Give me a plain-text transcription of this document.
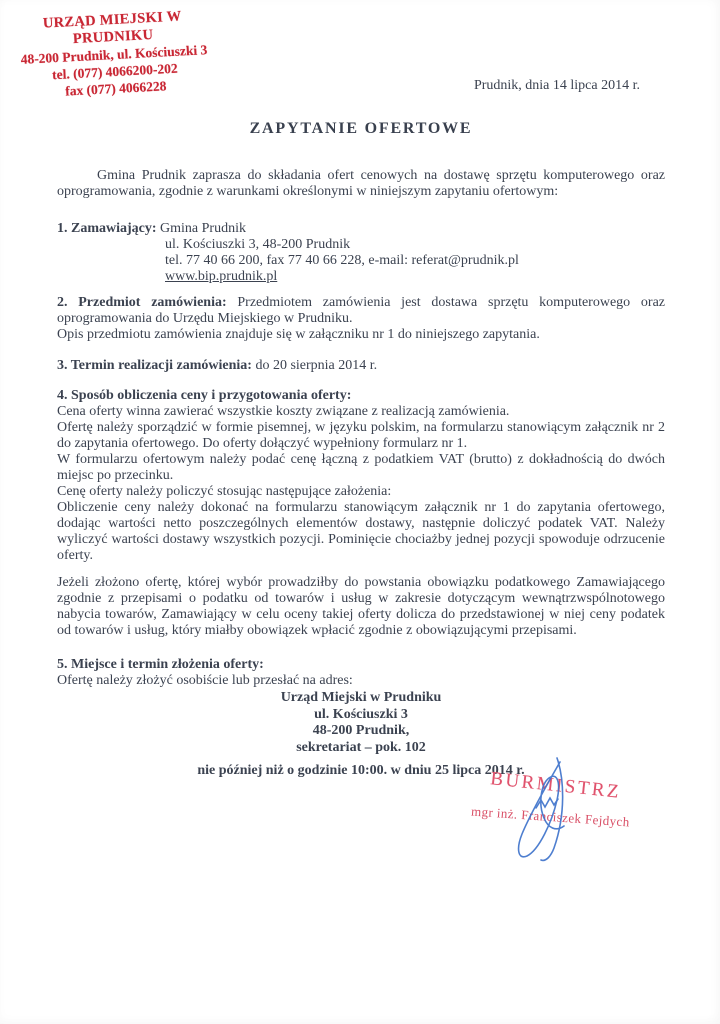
URZĄD MIEJSKI W PRUDNIKU
48-200 Prudnik, ul. Kościuszki 3
tel. (077) 4066200-202
fax (077) 4066228	Prudnik, dnia 14 lipca 2014 r.

ZAPYTANIE OFERTOWE

Gmina Prudnik zaprasza do składania ofert cenowych na dostawę sprzętu komputerowego oraz oprogramowania, zgodnie z warunkami określonymi w niniejszym zapytaniu ofertowym:

1. Zamawiający: Gmina Prudnik

ul. Kościuszki 3, 48-200 Prudnik

tel. 77 40 66 200, fax 77 40 66 228, e-mail: referat@prudnik.pl

www.bip.prudnik.pl

2. Przedmiot zamówienia: Przedmiotem zamówienia jest dostawa sprzętu komputerowego oraz oprogramowania do Urzędu Miejskiego w Prudniku.

Opis przedmiotu zamówienia znajduje się w załączniku nr 1 do niniejszego zapytania.

3. Termin realizacji zamówienia: do 20 sierpnia 2014 r.

4. Sposób obliczenia ceny i przygotowania oferty:

Cena oferty winna zawierać wszystkie koszty związane z realizacją zamówienia.

Ofertę należy sporządzić w formie pisemnej, w języku polskim, na formularzu stanowiącym załącznik nr 2 do zapytania ofertowego. Do oferty dołączyć wypełniony formularz nr 1.

W formularzu ofertowym należy podać cenę łączną z podatkiem VAT (brutto) z dokładnością do dwóch miejsc po przecinku.

Cenę oferty należy policzyć stosując następujące założenia:

Obliczenie ceny należy dokonać na formularzu stanowiącym załącznik nr 1 do zapytania ofertowego, dodając wartości netto poszczególnych elementów dostawy, następnie doliczyć podatek VAT. Należy wyliczyć wartości dostawy wszystkich pozycji. Pominięcie chociażby jednej pozycji spowoduje odrzucenie oferty.

Jeżeli złożono ofertę, której wybór prowadziłby do powstania obowiązku podatkowego Zamawiającego zgodnie z przepisami o podatku od towarów i usług w zakresie dotyczącym wewnątrzwspólnotowego nabycia towarów, Zamawiający w celu oceny takiej oferty dolicza do przedstawionej w niej ceny podatek od towarów i usług, który miałby obowiązek wpłacić zgodnie z obowiązującymi przepisami.

5. Miejsce i termin złożenia oferty:

Ofertę należy złożyć osobiście lub przesłać na adres:

Urząd Miejski w Prudniku
ul. Kościuszki 3
48-200 Prudnik,
sekretariat – pok. 102

nie później niż o godzinie 10:00. w dniu 25 lipca 2014 r.

BURMISTRZ
mgr inż. Franciszek Fejdych
